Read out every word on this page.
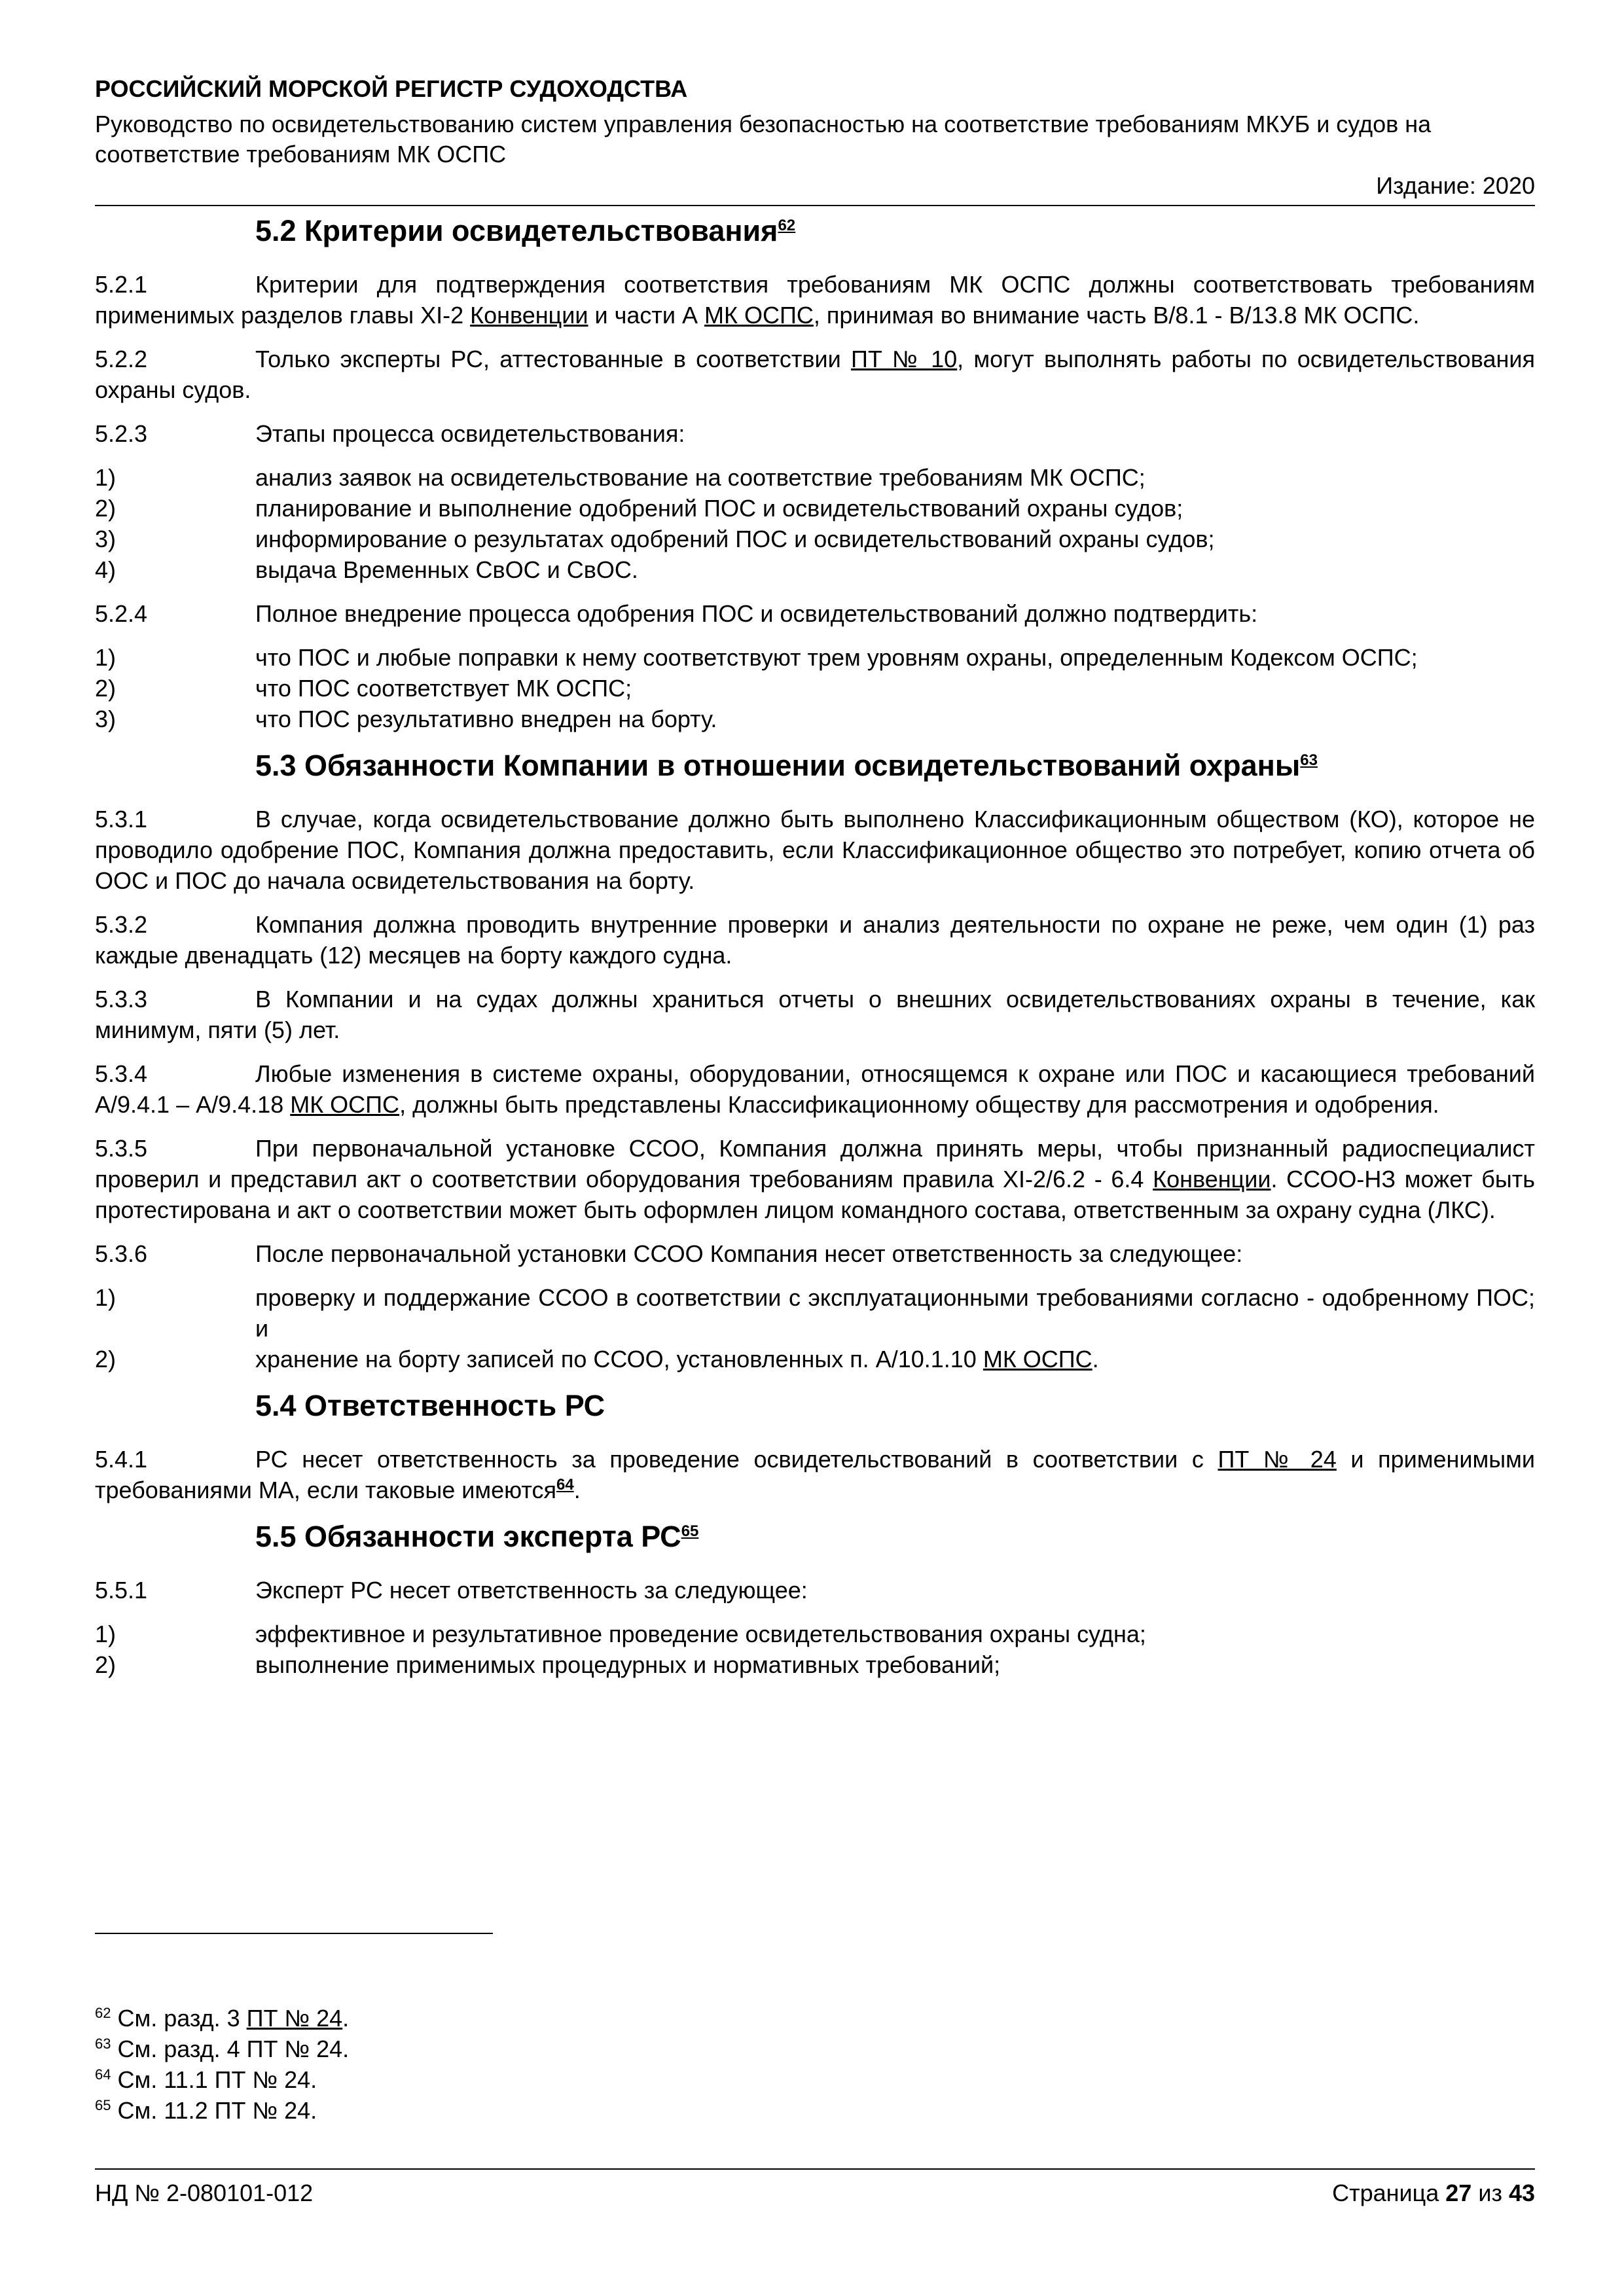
РОССИЙСКИЙ МОРСКОЙ РЕГИСТР СУДОХОДСТВА
Руководство по освидетельствованию систем управления безопасностью на соответствие требованиям МКУБ и судов на соответствие требованиям МК ОСПС
Издание: 2020
5.2 Критерии освидетельствования$^{62}$
5.2.1	Критерии для подтверждения соответствия требованиям МК ОСПС должны соответствовать требованиям применимых разделов главы XI-2 Конвенции и части А МК ОСПС, принимая во внимание часть В/8.1 - В/13.8 МК ОСПС.
5.2.2	Только эксперты РС, аттестованные в соответствии ПТ № 10, могут выполнять работы по освидетельствования охраны судов.
5.2.3	Этапы процесса освидетельствования:
1)	анализ заявок на освидетельствование на соответствие требованиям МК ОСПС;
2)	планирование и выполнение одобрений ПОС и освидетельствований охраны судов;
3)	информирование о результатах одобрений ПОС и освидетельствований охраны судов;
4)	выдача Временных СвОС и СвОС.
5.2.4	Полное внедрение процесса одобрения ПОС и освидетельствований должно подтвердить:
1)	что ПОС и любые поправки к нему соответствуют трем уровням охраны, определенным Кодексом ОСПС;
2)	что ПОС соответствует МК ОСПС;
3)	что ПОС результативно внедрен на борту.
5.3 Обязанности Компании в отношении освидетельствований охраны$^{63}$
5.3.1	В случае, когда освидетельствование должно быть выполнено Классификационным обществом (КО), которое не проводило одобрение ПОС, Компания должна предоставить, если Классификационное общество это потребует, копию отчета об ООС и ПОС до начала освидетельствования на борту.
5.3.2	Компания должна проводить внутренние проверки и анализ деятельности по охране не реже, чем один (1) раз каждые двенадцать (12) месяцев на борту каждого судна.
5.3.3	В Компании и на судах должны храниться отчеты о внешних освидетельствованиях охраны в течение, как минимум, пяти (5) лет.
5.3.4	Любые изменения в системе охраны, оборудовании, относящемся к охране или ПОС и касающиеся требований А/9.4.1 – А/9.4.18 МК ОСПС, должны быть представлены Классификационному обществу для рассмотрения и одобрения.
5.3.5	При первоначальной установке ССОО, Компания должна принять меры, чтобы признанный радиоспециалист проверил и представил акт о соответствии оборудования требованиям правила XI-2/6.2 - 6.4 Конвенции. ССОО-НЗ может быть протестирована и акт о соответствии может быть оформлен лицом командного состава, ответственным за охрану судна (ЛКС).
5.3.6	После первоначальной установки ССОО Компания несет ответственность за следующее:
1)	проверку и поддержание ССОО в соответствии с эксплуатационными требованиями согласно - одобренному ПОС; и
2)	хранение на борту записей по ССОО, установленных п. А/10.1.10 МК ОСПС.
5.4 Ответственность РС
5.4.1	РС несет ответственность за проведение освидетельствований в соответствии с ПТ № 24 и применимыми требованиями МА, если таковые имеются$^{64}$.
5.5 Обязанности эксперта РС$^{65}$
5.5.1	Эксперт РС несет ответственность за следующее:
1)	эффективное и результативное проведение освидетельствования охраны судна;
2)	выполнение применимых процедурных и нормативных требований;
$^{62}$ См. разд. 3 ПТ № 24.
$^{63}$ См. разд. 4 ПТ № 24.
$^{64}$ См. 11.1 ПТ № 24.
$^{65}$ См. 11.2 ПТ № 24.
НД № 2-080101-012	Страница 27 из 43
